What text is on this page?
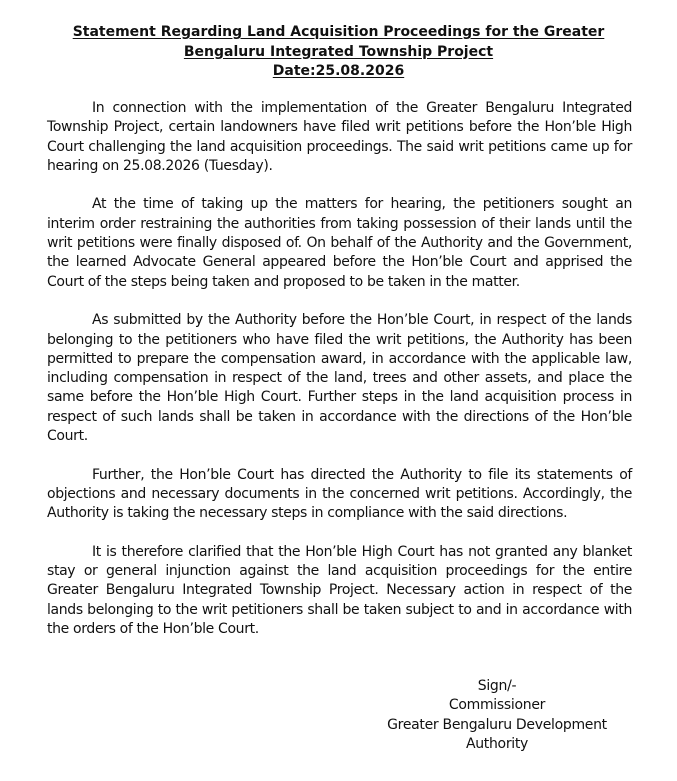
Statement Regarding Land Acquisition Proceedings for the Greater
Bengaluru Integrated Township Project
Date:25.08.2026

In connection with the implementation of the Greater Bengaluru Integrated Township Project, certain landowners have filed writ petitions before the Hon’ble High Court challenging the land acquisition proceedings. The said writ petitions came up for hearing on 25.08.2026 (Tuesday).

At the time of taking up the matters for hearing, the petitioners sought an interim order restraining the authorities from taking possession of their lands until the writ petitions were finally disposed of. On behalf of the Authority and the Government, the learned Advocate General appeared before the Hon’ble Court and apprised the Court of the steps being taken and proposed to be taken in the matter.

As submitted by the Authority before the Hon’ble Court, in respect of the lands belonging to the petitioners who have filed the writ petitions, the Authority has been permitted to prepare the compensation award, in accordance with the applicable law, including compensation in respect of the land, trees and other assets, and place the same before the Hon’ble High Court. Further steps in the land acquisition process in respect of such lands shall be taken in accordance with the directions of the Hon’ble Court.

Further, the Hon’ble Court has directed the Authority to file its statements of objections and necessary documents in the concerned writ petitions. Accordingly, the Authority is taking the necessary steps in compliance with the said directions.

It is therefore clarified that the Hon’ble High Court has not granted any blanket stay or general injunction against the land acquisition proceedings for the entire Greater Bengaluru Integrated Township Project. Necessary action in respect of the lands belonging to the writ petitioners shall be taken subject to and in accordance with the orders of the Hon’ble Court.

Sign/-
Commissioner
Greater Bengaluru Development
Authority
